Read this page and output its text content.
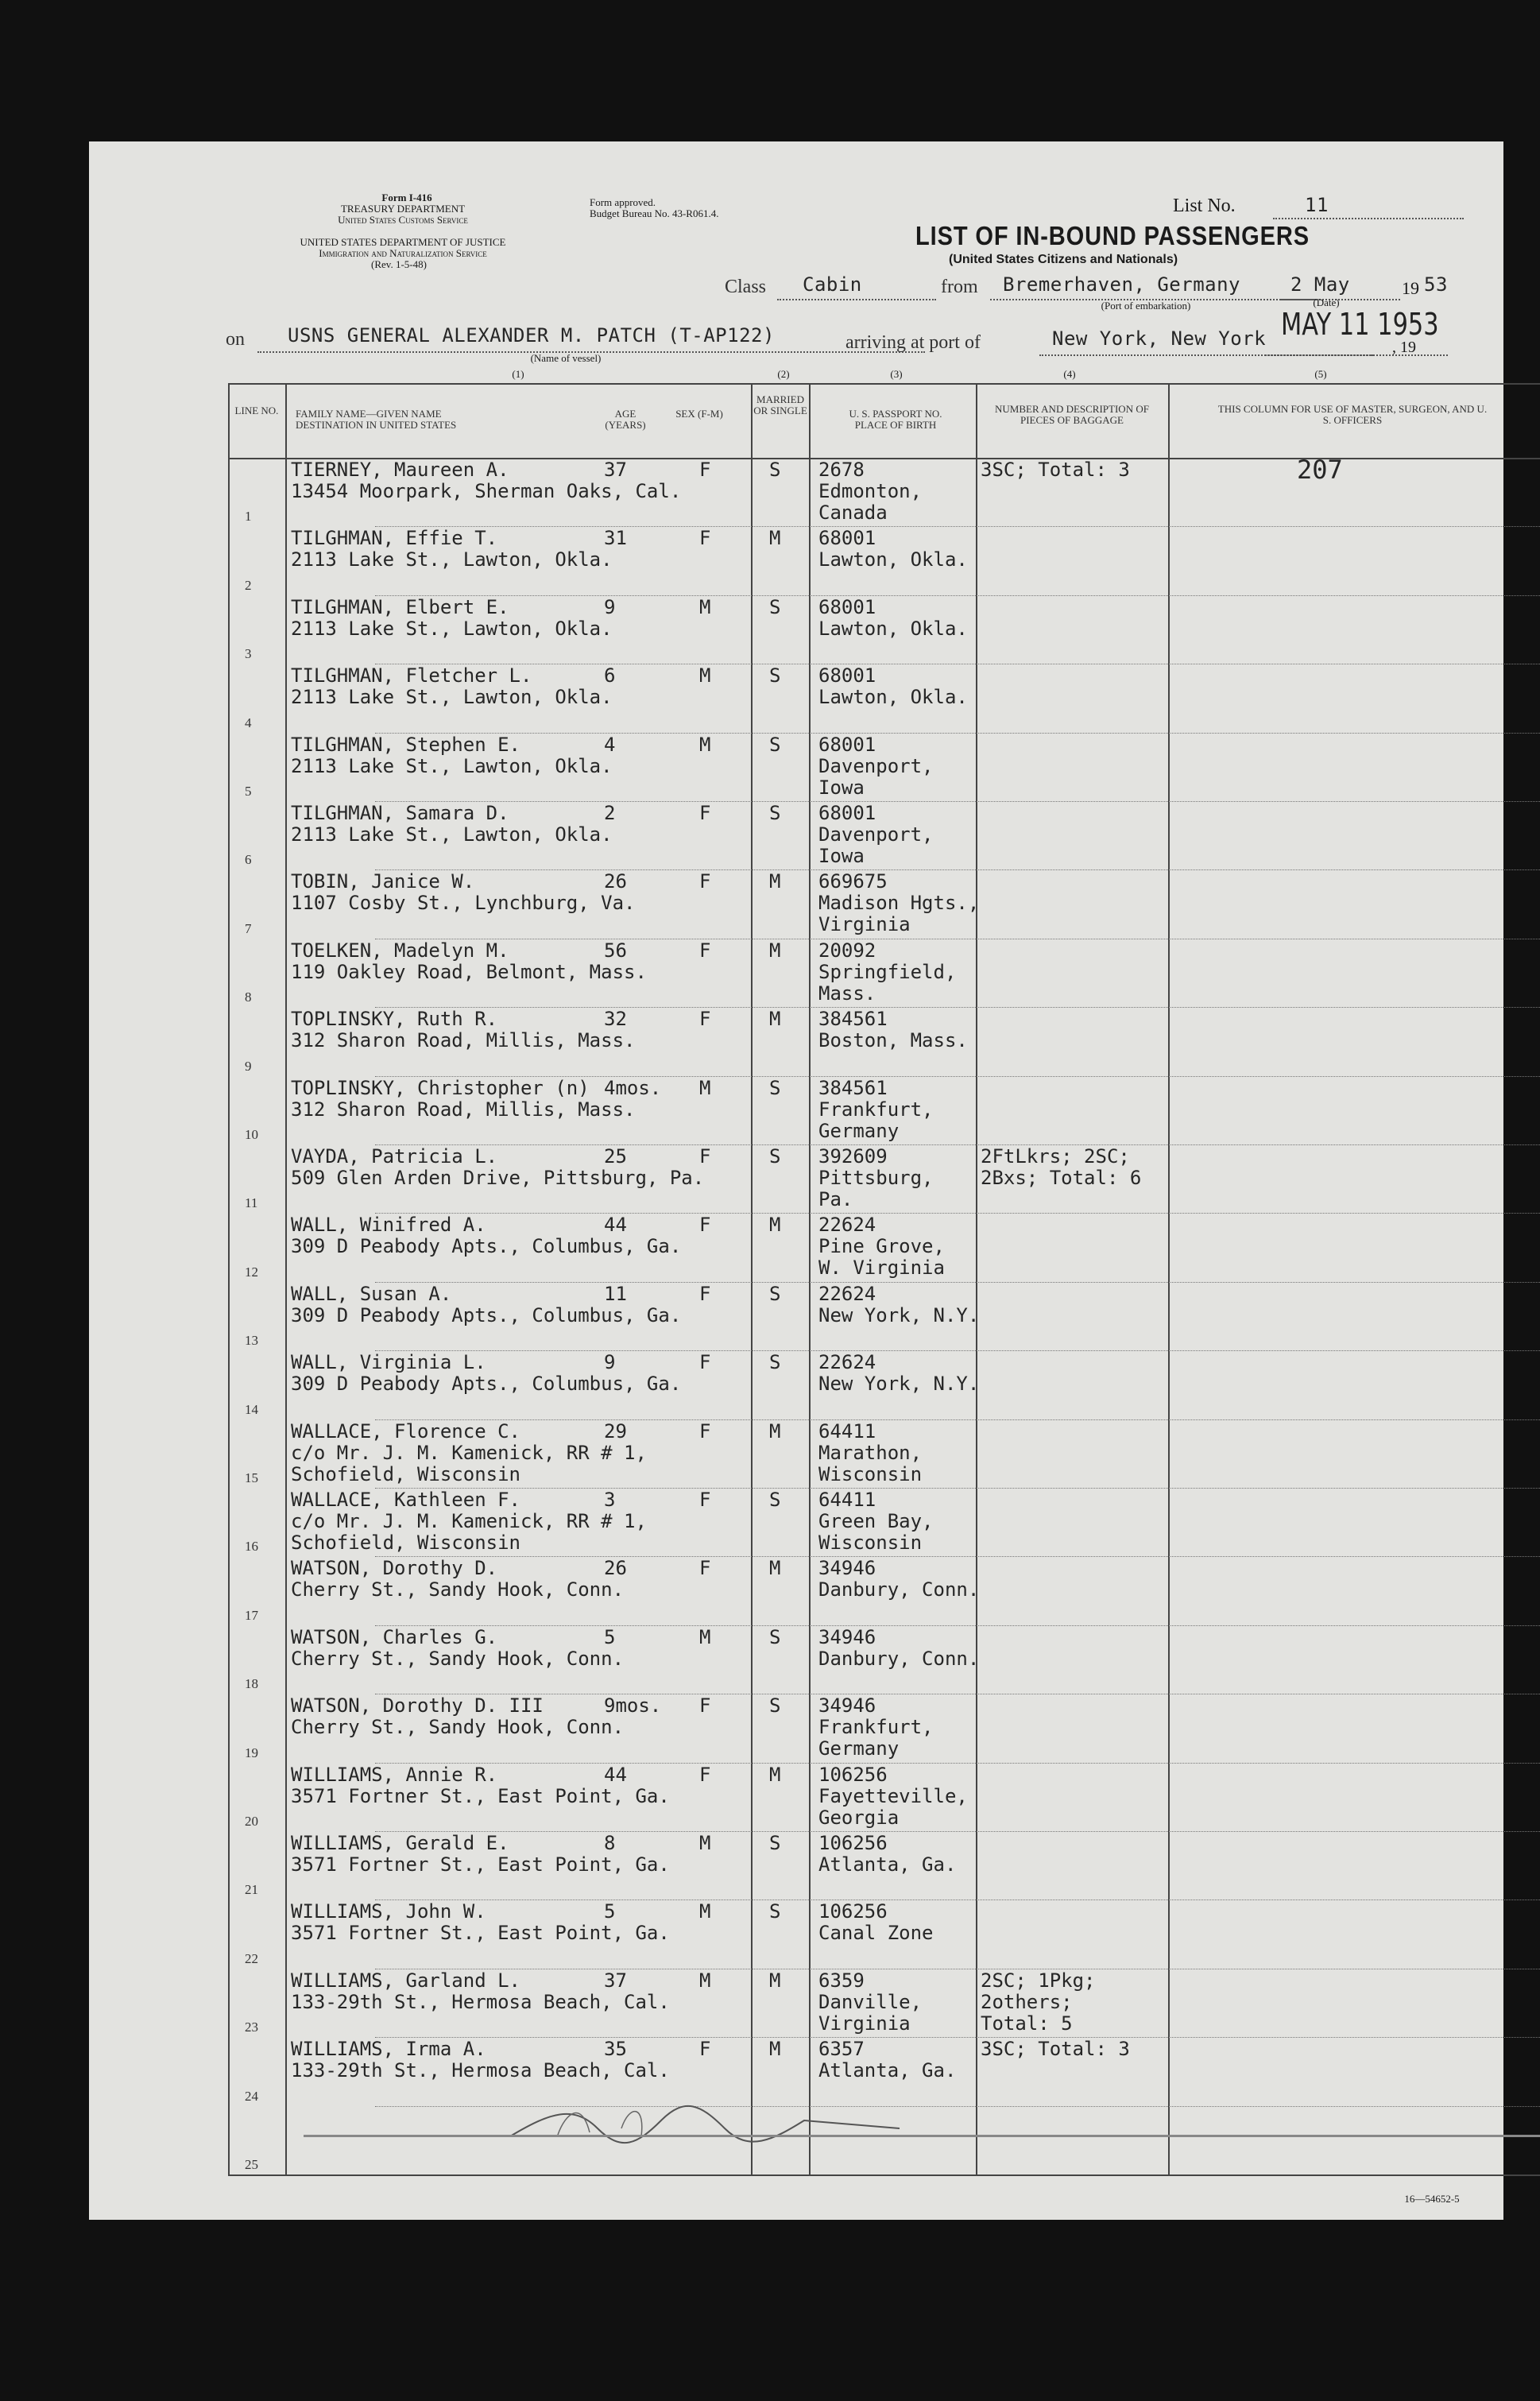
Form I-416
TREASURY DEPARTMENT
United States Customs Service
UNITED STATES DEPARTMENT OF JUSTICE
Immigration and Naturalization Service
(Rev. 1-5-48)
Form approved.
Budget Bureau No. 43-R061.4.	List No.	11
LIST OF IN-BOUND PASSENGERS
(United States Citizens and Nationals)
Class Cabin	from Bremerhaven, Germany
(Port of embarkation)
2 May	19 53
on USNS GENERAL ALEXANDER M. PATCH (T-AP122)
(Name of vessel)
arriving at port of	New York, New York MAY 11 1953
(Date)
, 19
(1)	(2)	(3)	(4)	(5)
LINE NO. FAMILY NAME—GIVEN NAME
DESTINATION IN UNITED STATES
AGE (YEARS)
SEX (F-M)
MARRIED OR SINGLE	U. S. PASSPORT NO.
PLACE OF BIRTH
NUMBER AND DESCRIPTION OF PIECES OF BAGGAGE
THIS COLUMN FOR USE OF MASTER, SURGEON, AND U. S. OFFICERS
1
TIERNEY, Maureen A.
13454 Moorpark, Sherman Oaks, Cal.
37	F	S 2678
Edmonton,
Canada
3SC; Total: 3	207
2
TILGHMAN, Effie T.
2113 Lake St., Lawton, Okla.
31	F	M 68001
Lawton, Okla.
3
TILGHMAN, Elbert E.
2113 Lake St., Lawton, Okla.
9	M	S 68001
Lawton, Okla.
4
TILGHMAN, Fletcher L.
2113 Lake St., Lawton, Okla.
6	M	S 68001
Lawton, Okla.
5
TILGHMAN, Stephen E.
2113 Lake St., Lawton, Okla.
4	M	S 68001
Davenport,
Iowa
6
TILGHMAN, Samara D.
2113 Lake St., Lawton, Okla.
2	F	S 68001
Davenport,
Iowa
7
TOBIN, Janice W.
1107 Cosby St., Lynchburg, Va.
26	F	M 669675
Madison Hgts.,
Virginia
8
TOELKEN, Madelyn M.
119 Oakley Road, Belmont, Mass.
56	F	M 20092
Springfield,
Mass.
9
TOPLINSKY, Ruth R.
312 Sharon Road, Millis, Mass.
32	F	M 384561
Boston, Mass.
10
TOPLINSKY, Christopher (n)
312 Sharon Road, Millis, Mass.
4mos. M	S 384561
Frankfurt,
Germany
11
VAYDA, Patricia L.
509 Glen Arden Drive, Pittsburg, Pa.
25	F	S 392609
Pittsburg,
Pa.
2FtLkrs; 2SC;
2Bxs; Total: 6
12
WALL, Winifred A.
309 D Peabody Apts., Columbus, Ga.
44	F	M 22624
Pine Grove,
W. Virginia
13
WALL, Susan A.
309 D Peabody Apts., Columbus, Ga.
11	F	S 22624
New York, N.Y.
14
WALL, Virginia L.
309 D Peabody Apts., Columbus, Ga.
9	F	S 22624
New York, N.Y.
15
WALLACE, Florence C.
c/o Mr. J. M. Kamenick, RR # 1,
Schofield, Wisconsin
29	F	M 64411
Marathon,
Wisconsin
16
WALLACE, Kathleen F.
c/o Mr. J. M. Kamenick, RR # 1,
Schofield, Wisconsin
3	F	S 64411
Green Bay,
Wisconsin
17
WATSON, Dorothy D.
Cherry St., Sandy Hook, Conn.
26	F	M 34946
Danbury, Conn.
18
WATSON, Charles G.
Cherry St., Sandy Hook, Conn.
5	M	S 34946
Danbury, Conn.
19
WATSON, Dorothy D. III
Cherry St., Sandy Hook, Conn.
9mos. F	S 34946
Frankfurt,
Germany
20
WILLIAMS, Annie R.
3571 Fortner St., East Point, Ga.
44	F	M 106256
Fayetteville,
Georgia
21
WILLIAMS, Gerald E.
3571 Fortner St., East Point, Ga.
8	M	S 106256
Atlanta, Ga.
22
WILLIAMS, John W.
3571 Fortner St., East Point, Ga.
5	M	S 106256
Canal Zone
23
WILLIAMS, Garland L.
133-29th St., Hermosa Beach, Cal.
37	M	M 6359
Danville,
Virginia
2SC; 1Pkg;
2others;
Total: 5
24
WILLIAMS, Irma A.
133-29th St., Hermosa Beach, Cal.
35	F	M 6357
Atlanta, Ga.
3SC; Total: 3
25
16—54652-5
